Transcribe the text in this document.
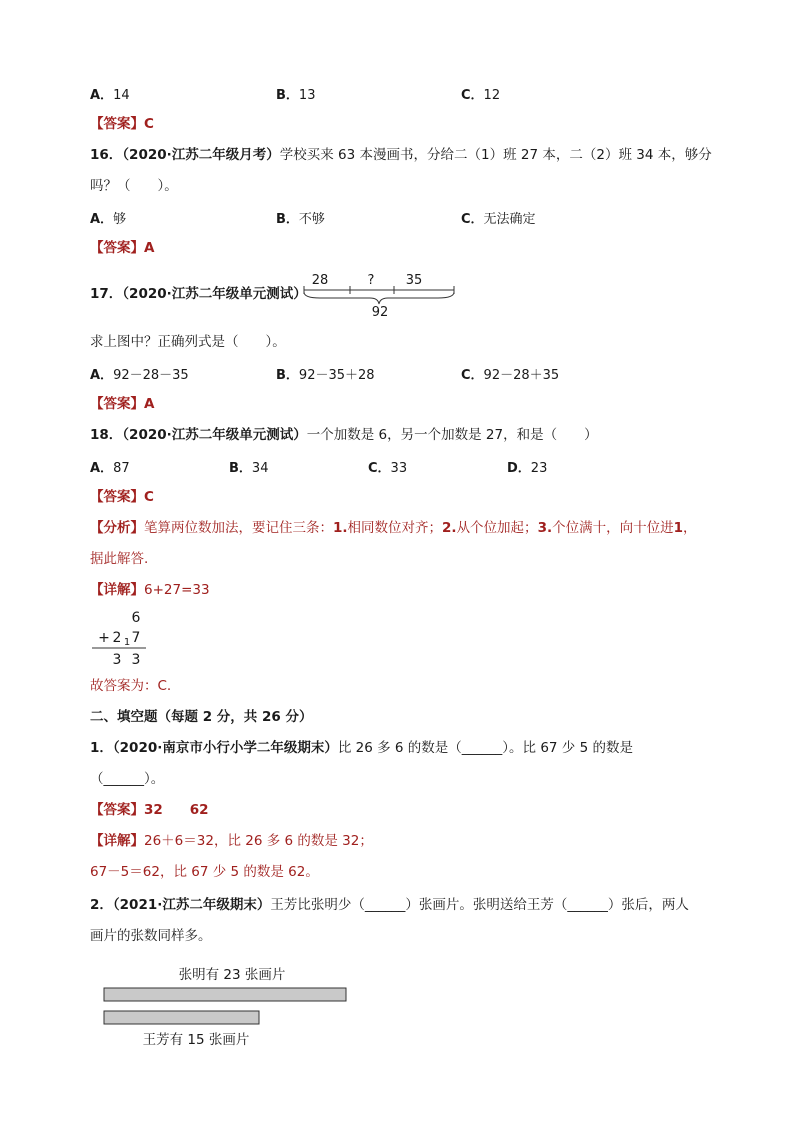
A．14	B．13	C．12
【答案】C
16．（2020·江苏二年级月考）学校买来 63 本漫画书，分给二（1）班 27 本，二（2）班 34 本，够分
吗？（　　）。
A．够	B．不够	C．无法确定
【答案】A
17．（2020·江苏二年级单元测试）
28	? 35
92
求上图中？正确列式是（　　）。
A．92－28－35	B．92－35＋28	C．92－28＋35
【答案】A
18．（2020·江苏二年级单元测试）一个加数是 6，另一个加数是 27，和是（　　）
A．87	B．34	C．33	D．23
【答案】C
【分析】笔算两位数加法，要记住三条：1.相同数位对齐；2.从个位加起；3.个位满十，向十位进1，
据此解答.
【详解】6+27=33
6
+ 2 1 7
3 3
故答案为：C.
二、填空题（每题 2 分，共 26 分）
1．（2020·南京市小行小学二年级期末）比 26 多 6 的数是（______）。比 67 少 5 的数是
（______）。
【答案】32　　62
【详解】26＋6＝32，比 26 多 6 的数是 32；
67－5＝62，比 67 少 5 的数是 62。
2．（2021·江苏二年级期末）王芳比张明少（______）张画片。张明送给王芳（______）张后，两人
画片的张数同样多。
张明有 23 张画片
王芳有 15 张画片
